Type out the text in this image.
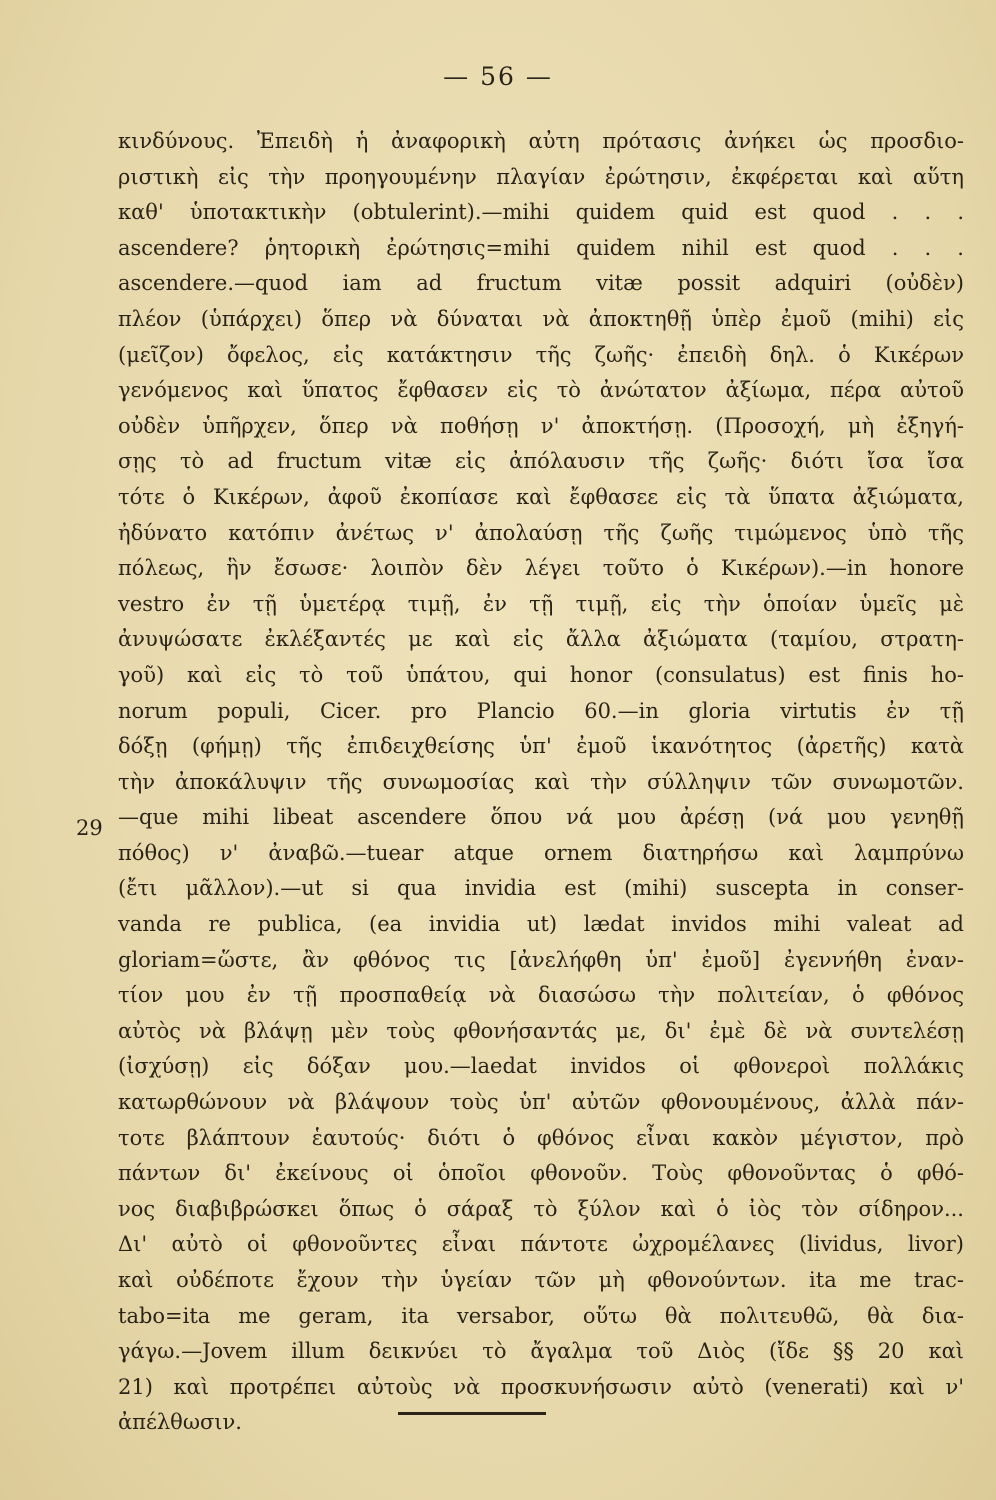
— 56 —
29
κινδύνους. Ἐπειδὴ ἡ ἀναφορικὴ αὐτη πρότασις ἀνήκει ὡς προσδιο-
ριστικὴ εἰς τὴν προηγουμένην πλαγίαν ἐρώτησιν, ἐκφέρεται καὶ αὕτη
καθ' ὑποτακτικὴν (obtulerint).—mihi quidem quid est quod . . .
ascendere? ῥητορικὴ ἐρώτησις=mihi quidem nihil est quod . . .
ascendere.—quod iam ad fructum vitæ possit adquiri (οὐδὲν)
πλέον (ὑπάρχει) ὅπερ νὰ δύναται νὰ ἀποκτηθῇ ὑπὲρ ἐμοῦ (mihi) εἰς
(μεῖζον) ὄφελος, εἰς κατάκτησιν τῆς ζωῆς· ἐπειδὴ δηλ. ὁ Κικέρων
γενόμενος καὶ ὕπατος ἔφθασεν εἰς τὸ ἀνώτατον ἀξίωμα, πέρα αὐτοῦ
οὐδὲν ὑπῆρχεν, ὅπερ νὰ ποθήσῃ ν' ἀποκτήσῃ. (Προσοχή, μὴ ἐξηγή-
σῃς τὸ ad fructum vitæ εἰς ἀπόλαυσιν τῆς ζωῆς· διότι ἴσα ἴσα
τότε ὁ Κικέρων, ἀφοῦ ἐκοπίασε καὶ ἔφθασεε εἰς τὰ ὕπατα ἀξιώματα,
ἠδύνατο κατόπιν ἀνέτως ν' ἀπολαύσῃ τῆς ζωῆς τιμώμενος ὑπὸ τῆς
πόλεως, ἣν ἔσωσε· λοιπὸν δὲν λέγει τοῦτο ὁ Κικέρων).—in honore
vestro ἐν τῇ ὑμετέρᾳ τιμῇ, ἐν τῇ τιμῇ, εἰς τὴν ὁποίαν ὑμεῖς μὲ
ἀνυψώσατε ἐκλέξαντές με καὶ εἰς ἄλλα ἀξιώματα (ταμίου, στρατη-
γοῦ) καὶ εἰς τὸ τοῦ ὑπάτου, qui honor (consulatus) est finis ho-
norum populi, Cicer. pro Plancio 60.—in gloria virtutis ἐν τῇ
δόξῃ (φήμῃ) τῆς ἐπιδειχθείσης ὑπ' ἐμοῦ ἱκανότητος (ἀρετῆς) κατὰ
τὴν ἀποκάλυψιν τῆς συνωμοσίας καὶ τὴν σύλληψιν τῶν συνωμοτῶν.
—que mihi libeat ascendere ὅπου νά μου ἀρέσῃ (νά μου γενηθῇ
πόθος) ν' ἀναβῶ.—tuear atque ornem διατηρήσω καὶ λαμπρύνω
(ἔτι μᾶλλον).—ut si qua invidia est (mihi) suscepta in conser-
vanda re publica, (ea invidia ut) lædat invidos mihi valeat ad
gloriam=ὥστε, ἂν φθόνος τις [ἀνελήφθη ὑπ' ἐμοῦ] ἐγεννήθη ἐναν-
τίον μου ἐν τῇ προσπαθείᾳ νὰ διασώσω τὴν πολιτείαν, ὁ φθόνος
αὐτὸς νὰ βλάψῃ μὲν τοὺς φθονήσαντάς με, δι' ἐμὲ δὲ νὰ συντελέσῃ
(ἰσχύσῃ) εἰς δόξαν μου.—laedat invidos οἱ φθονεροὶ πολλάκις
κατωρθώνουν νὰ βλάψουν τοὺς ὑπ' αὐτῶν φθονουμένους, ἀλλὰ πάν-
τοτε βλάπτουν ἑαυτούς· διότι ὁ φθόνος εἶναι κακὸν μέγιστον, πρὸ
πάντων δι' ἐκείνους οἱ ὁποῖοι φθονοῦν. Τοὺς φθονοῦντας ὁ φθό-
νος διαβιβρώσκει ὅπως ὁ σάραξ τὸ ξύλον καὶ ὁ ἰὸς τὸν σίδηρον...
Δι' αὐτὸ οἱ φθονοῦντες εἶναι πάντοτε ὠχρομέλανες (lividus, livor)
καὶ οὐδέποτε ἔχουν τὴν ὑγείαν τῶν μὴ φθονούντων. ita me trac-
tabo=ita me geram, ita versabor, οὕτω θὰ πολιτευθῶ, θὰ δια-
γάγω.—Jovem illum δεικνύει τὸ ἄγαλμα τοῦ Διὸς (ἴδε §§ 20 καὶ
21) καὶ προτρέπει αὐτοὺς νὰ προσκυνήσωσιν αὐτὸ (venerati) καὶ ν'
ἀπέλθωσιν.
